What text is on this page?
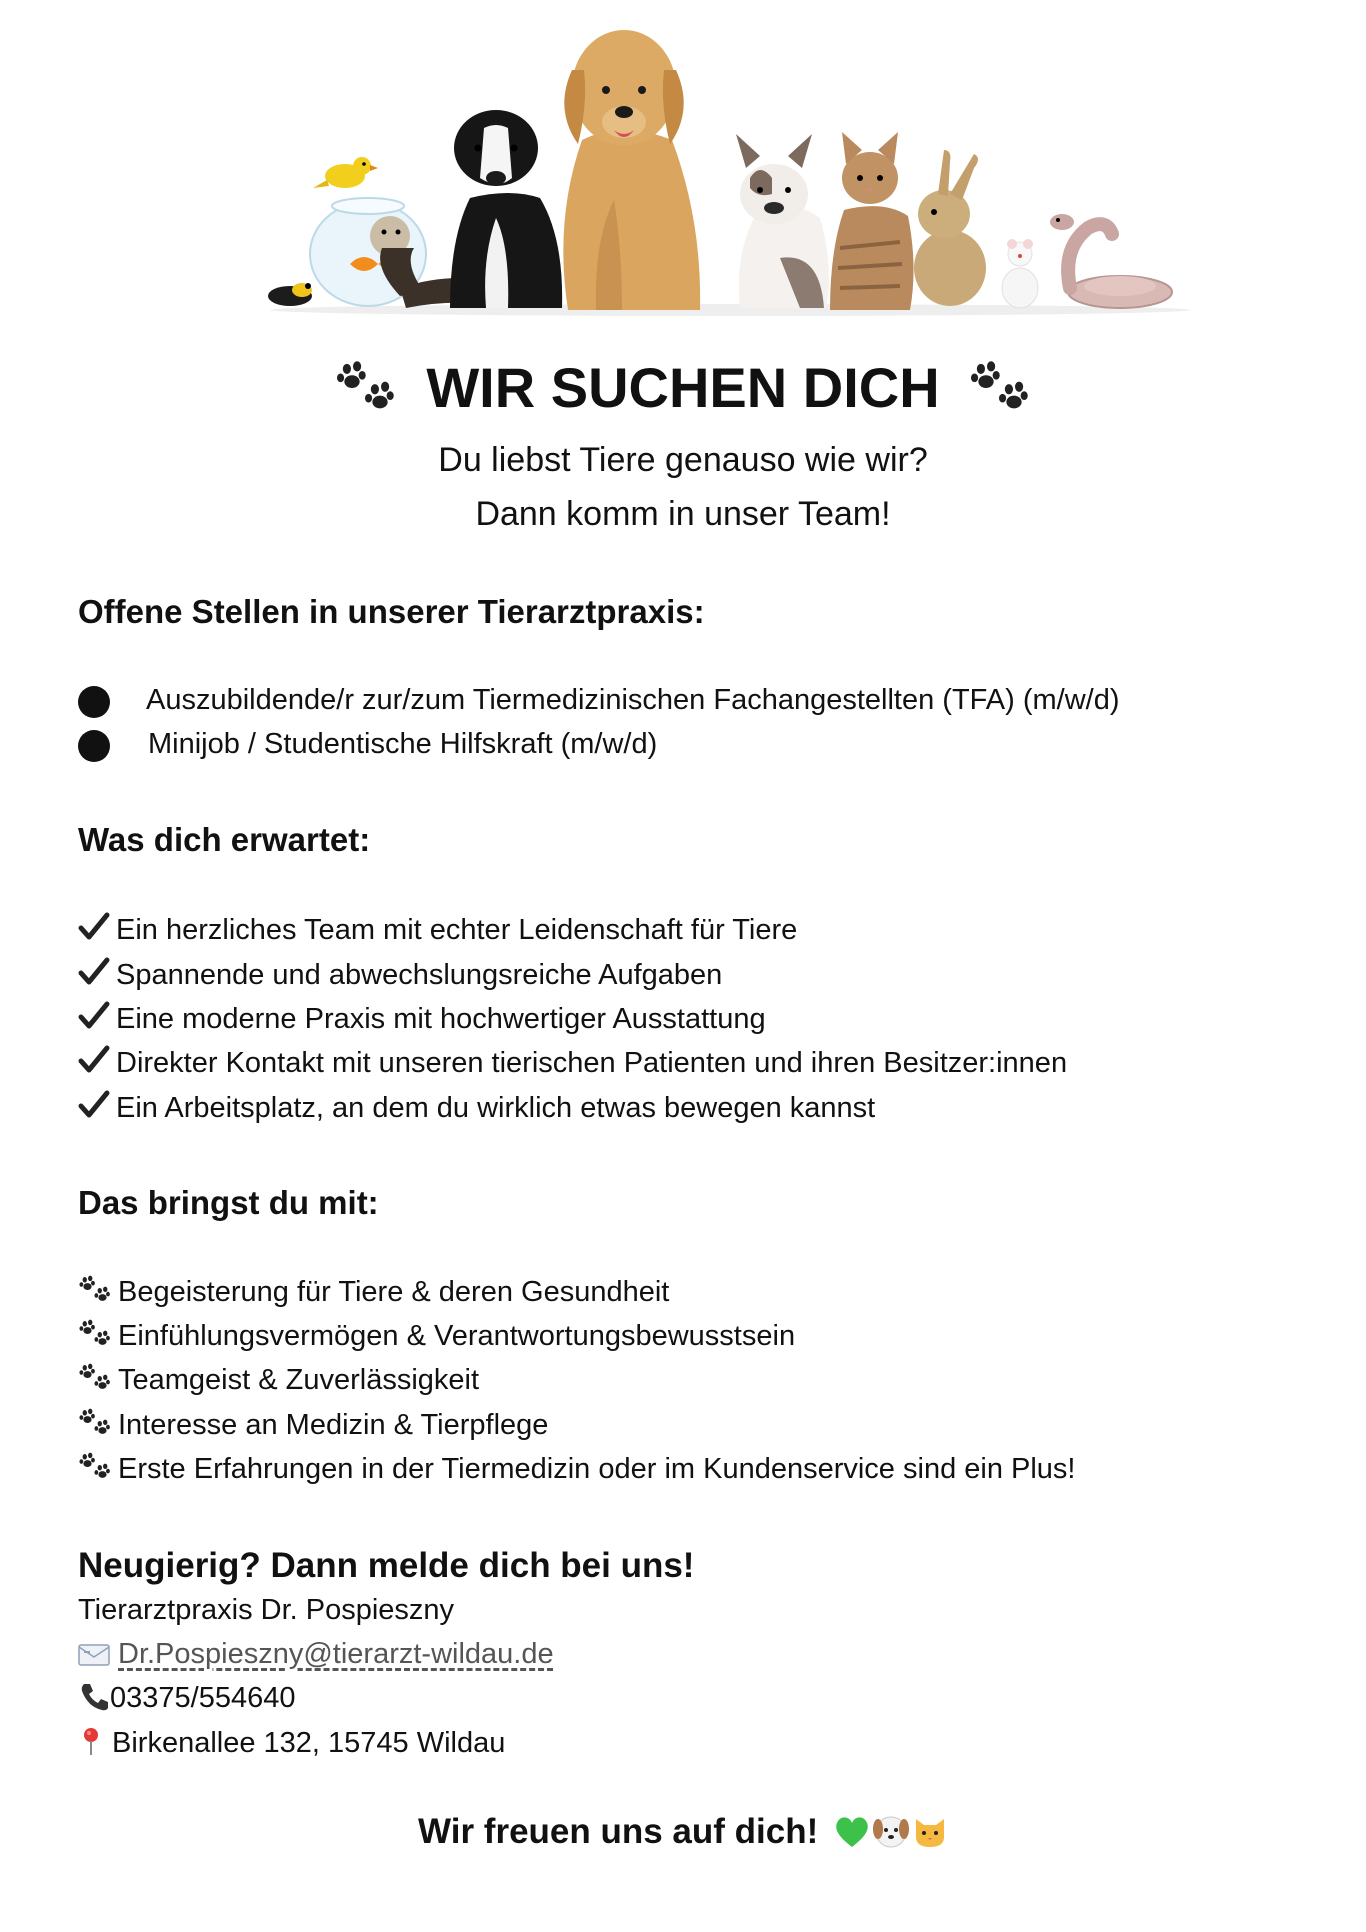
WIR SUCHEN DICH
Du liebst Tiere genauso wie wir?
Dann komm in unser Team!
Offene Stellen in unserer Tierarztpraxis:
Auszubildende/r zur/zum Tiermedizinischen Fachangestellten (TFA) (m/w/d)
Minijob / Studentische Hilfskraft (m/w/d)
Was dich erwartet:
Ein herzliches Team mit echter Leidenschaft für Tiere
Spannende und abwechslungsreiche Aufgaben
Eine moderne Praxis mit hochwertiger Ausstattung
Direkter Kontakt mit unseren tierischen Patienten und ihren Besitzer:innen
Ein Arbeitsplatz, an dem du wirklich etwas bewegen kannst
Das bringst du mit:
Begeisterung für Tiere & deren Gesundheit
Einfühlungsvermögen & Verantwortungsbewusstsein
Teamgeist & Zuverlässigkeit
Interesse an Medizin & Tierpflege
Erste Erfahrungen in der Tiermedizin oder im Kundenservice sind ein Plus!
Neugierig? Dann melde dich bei uns!
Tierarztpraxis Dr. Pospieszny
Dr.Pospieszny@tierarzt-wildau.de
03375/554640
Birkenallee 132, 15745 Wildau
Wir freuen uns auf dich!
